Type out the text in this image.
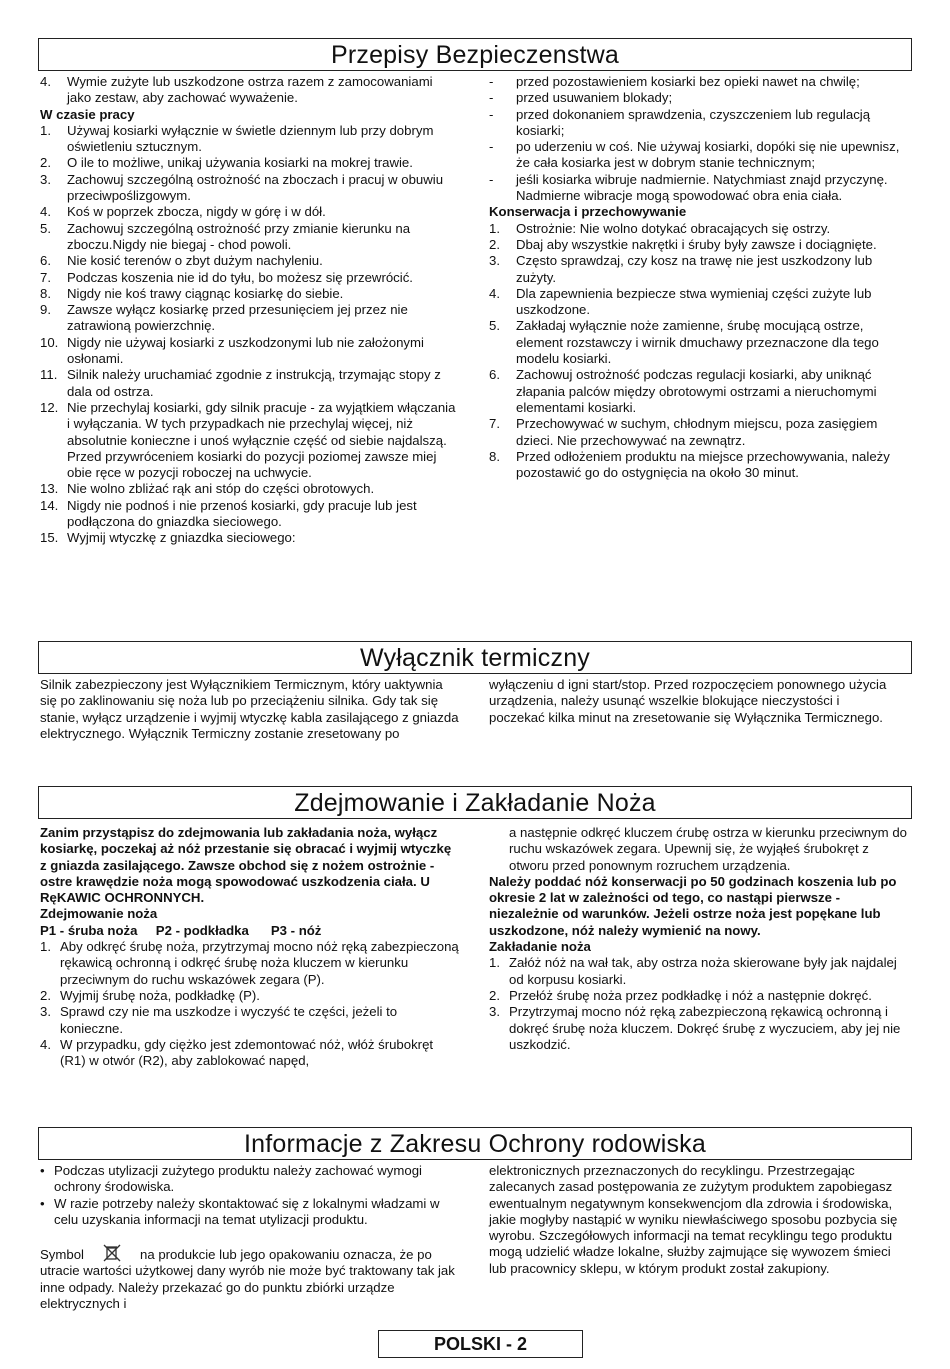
Przepisy Bezpieczenstwa
4. Wymie zużyte lub uszkodzone ostrza razem z zamocowaniami jako zestaw, aby zachować wyważenie.
W czasie pracy
1. Używaj kosiarki wyłącznie w świetle dziennym lub przy dobrym oświetleniu sztucznym.
2. O ile to możliwe, unikaj używania kosiarki na mokrej trawie.
3. Zachowuj szczególną ostrożność na zboczach i pracuj w obuwiu przeciwpoślizgowym.
4. Koś w poprzek zbocza, nigdy w górę i w dół.
5. Zachowuj szczególną ostrożność przy zmianie kierunku na zboczu.Nigdy nie biegaj - chod powoli.
6. Nie kosić terenów o zbyt dużym nachyleniu.
7. Podczas koszenia nie id do tyłu, bo możesz się przewrócić.
8. Nigdy nie koś trawy ciągnąc kosiarkę do siebie.
9. Zawsze wyłącz kosiarkę przed przesunięciem jej przez nie zatrawioną powierzchnię.
10. Nigdy nie używaj kosiarki z uszkodzonymi lub nie założonymi osłonami.
11. Silnik należy uruchamiać zgodnie z instrukcją, trzymając stopy z dala od ostrza.
12. Nie przechylaj kosiarki, gdy silnik pracuje - za wyjątkiem włączania i wyłączania. W tych przypadkach nie przechylaj więcej, niż absolutnie konieczne i unoś wyłącznie część od siebie najdalszą. Przed przywróceniem kosiarki do pozycji poziomej zawsze miej obie ręce w pozycji roboczej na uchwycie.
13. Nie wolno zbliżać rąk ani stóp do części obrotowych.
14. Nigdy nie podnoś i nie przenoś kosiarki, gdy pracuje lub jest podłączona do gniazdka sieciowego.
15. Wyjmij wtyczkę z gniazdka sieciowego:
- przed pozostawieniem kosiarki bez opieki nawet na chwilę;
- przed usuwaniem blokady;
- przed dokonaniem sprawdzenia, czyszczeniem lub regulacją kosiarki;
- po uderzeniu w coś. Nie używaj kosiarki, dopóki się nie upewnisz, że cała kosiarka jest w dobrym stanie technicznym;
- jeśli kosiarka wibruje nadmiernie. Natychmiast znajd przyczynę. Nadmierne wibracje mogą spowodować obra enia ciała.
Konserwacja i przechowywanie
1. Ostrożnie: Nie wolno dotykać obracających się ostrzy.
2. Dbaj aby wszystkie nakrętki i śruby były zawsze i dociągnięte.
3. Często sprawdzaj, czy kosz na trawę nie jest uszkodzony lub zużyty.
4. Dla zapewnienia bezpiecze stwa wymieniaj części zużyte lub uszkodzone.
5. Zakładaj wyłącznie noże zamienne, śrubę mocującą ostrze, element rozstawczy i wirnik dmuchawy przeznaczone dla tego modelu kosiarki.
6. Zachowuj ostrożność podczas regulacji kosiarki, aby uniknąć złapania palców między obrotowymi ostrzami a nieruchomymi elementami kosiarki.
7. Przechowywać w suchym, chłodnym miejscu, poza zasięgiem dzieci. Nie przechowywać na zewnątrz.
8. Przed odłożeniem produktu na miejsce przechowywania, należy pozostawić go do ostygnięcia na około 30 minut.
Wyłącznik termiczny
Silnik zabezpieczony jest Wyłącznikiem Termicznym, który uaktywnia się po zaklinowaniu się noża lub po przeciążeniu silnika. Gdy tak się stanie, wyłącz urządzenie i wyjmij wtyczkę kabla zasilającego z gniazda elektrycznego. Wyłącznik Termiczny zostanie zresetowany po
wyłączeniu d igni start/stop. Przed rozpoczęciem ponownego użycia urządzenia, należy usunąć wszelkie blokujące nieczystości i poczekać kilka minut na zresetowanie się Wyłącznika Termicznego.
Zdejmowanie i Zakładanie Noża

Zanim przystąpisz do zdejmowania lub zakładania noża, wyłącz kosiarkę, poczekaj aż nóż przestanie się obracać i wyjmij wtyczkę z gniazda zasilającego. Zawsze obchod się z nożem ostrożnie - ostre krawędzie noża mogą spowodować uszkodzenia ciała. U RęKAWIC OCHRONNYCH.

Zdejmowanie noża

P1 - śruba noża     P2 - podkładka      P3 - nóż

1. Aby odkręć śrubę noża, przytrzymaj mocno nóż ręką zabezpieczoną rękawicą ochronną i odkręć śrubę noża kluczem w kierunku przeciwnym do ruchu wskazówek zegara (P).
2. Wyjmij śrubę noża, podkładkę (P).
3. Sprawd czy nie ma uszkodze i wyczyść te części, jeżeli to konieczne.
4. W przypadku, gdy ciężko jest zdemontować nóż, włóż śrubokręt (R1) w otwór (R2), aby zablokować napęd,

a następnie odkręć kluczem ćrubę ostrza w kierunku przeciwnym do ruchu wskazówek zegara. Upewnij się, że wyjąłeś śrubokręt z otworu przed ponownym rozruchem urządzenia.

Należy poddać nóż konserwacji po 50 godzinach koszenia lub po okresie 2 lat w zależności od tego, co nastąpi pierwsze - niezależnie od warunków. Jeżeli ostrze noża jest popękane lub uszkodzone, nóż należy wymienić na nowy.

Zakładanie noża

1. Załóż nóż na wał tak, aby ostrza noża skierowane były jak najdalej od korpusu kosiarki.
2. Przełóż śrubę noża przez podkładkę i nóż a następnie dokręć.
3. Przytrzymaj mocno nóż ręką zabezpieczoną rękawicą ochronną i dokręć śrubę noża kluczem. Dokręć śrubę z wyczuciem, aby jej nie uszkodzić.
Informacje z Zakresu Ochrony rodowiska
• Podczas utylizacji zużytego produktu należy zachować wymogi ochrony środowiska.
• W razie potrzeby należy skontaktować się z lokalnymi władzami w celu uzyskania informacji na temat utylizacji produktu.

Symbol	na produkcie lub jego opakowaniu oznacza, że po utracie wartości użytkowej dany wyrób nie może być traktowany tak jak inne odpady. Należy przekazać go do punktu zbiórki urządze elektrycznych i

elektronicznych przeznaczonych do recyklingu. Przestrzegając zalecanych zasad postępowania ze zużytym produktem zapobiegasz ewentualnym negatywnym konsekwencjom dla zdrowia i środowiska, jakie mogłyby nastąpić w wyniku niewłaściwego sposobu pozbycia się wyrobu. Szczegółowych informacji na temat recyklingu tego produktu mogą udzielić władze lokalne, służby zajmujące się wywozem śmieci lub pracownicy sklepu, w którym produkt został zakupiony.
POLSKI - 2
